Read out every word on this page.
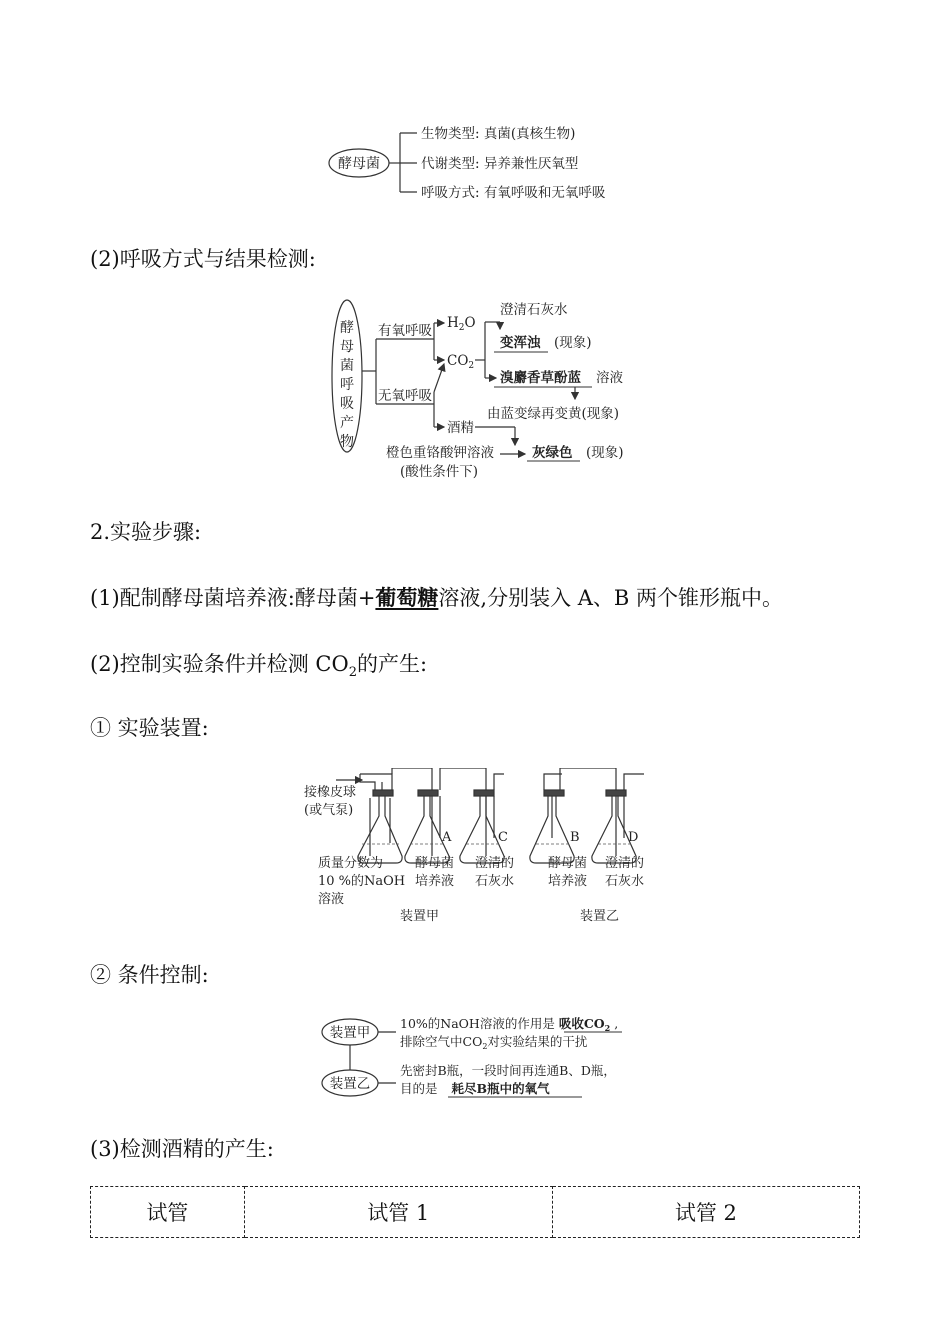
酵母菌
生物类型: 真菌(真核生物)
代谢类型: 异养兼性厌氧型
呼吸方式: 有氧呼吸和无氧呼吸
(2)呼吸方式与结果检测:
酵
母
菌
呼
吸
产
物
有氧呼吸
无氧呼吸
$H_2O$
$CO_2$
酒精
澄清石灰水
变浑浊 (现象)
溴麝香草酚蓝 溶液
由蓝变绿再变黄(现象)
橙色重铬酸钾溶液
(酸性条件下)
灰绿色 (现象)
2.实验步骤:
(1)配制酵母菌培养液:酵母菌+葡萄糖溶液,分别装入 A、B 两个锥形瓶中。
(2)控制实验条件并检测 $CO_2$的产生:
① 实验装置:
接橡皮球
(或气泵)
A	C	B	D
质量分数为
10 %的NaOH
溶液
酵母菌
培养液
澄清的
石灰水
酵母菌
培养液
澄清的
石灰水
装置甲	装置乙
② 条件控制:
装置甲
装置乙
10%的NaOH溶液的作用是 吸收$CO_2$ ,
排除空气中$CO_2$对实验结果的干扰
先密封B瓶，一段时间再连通B、D瓶，
目的是 耗尽B瓶中的氧气
(3)检测酒精的产生:
试管	试管 1	试管 2
